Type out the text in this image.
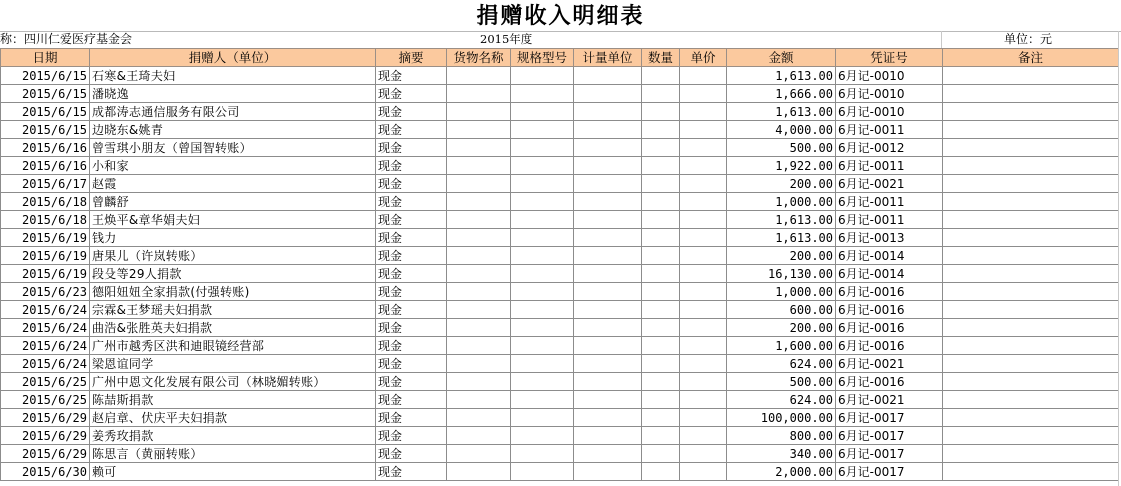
捐赠收入明细表
称：四川仁爱医疗基金会	2015年度	单位：元
日期	捐赠人（单位）	摘要	货物名称	规格型号	计量单位	数量	单价	金额	凭证号	备注
2015/6/15	石寒&王琦夫妇	现金						1,613.00	6月记-0010	
2015/6/15	潘晓逸	现金						1,666.00	6月记-0010	
2015/6/15	成都涛志通信服务有限公司	现金						1,613.00	6月记-0010	
2015/6/15	边晓东&姚青	现金						4,000.00	6月记-0011	
2015/6/16	曾雪琪小朋友（曾国智转账）	现金						500.00	6月记-0012	
2015/6/16	小和家	现金						1,922.00	6月记-0011	
2015/6/17	赵霞	现金						200.00	6月记-0021	
2015/6/18	曾麟舒	现金						1,000.00	6月记-0011	
2015/6/18	王焕平&章华娟夫妇	现金						1,613.00	6月记-0011	
2015/6/19	钱力	现金						1,613.00	6月记-0013	
2015/6/19	唐果儿（许岚转账）	现金						200.00	6月记-0014	
2015/6/19	段殳等29人捐款	现金						16,130.00	6月记-0014	
2015/6/23	德阳妞妞全家捐款(付强转账)	现金						1,000.00	6月记-0016	
2015/6/24	宗霖&王梦瑶夫妇捐款	现金						600.00	6月记-0016	
2015/6/24	曲浩&张胜英夫妇捐款	现金						200.00	6月记-0016	
2015/6/24	广州市越秀区洪和迪眼镜经营部	现金						1,600.00	6月记-0016	
2015/6/24	梁恩谊同学	现金						624.00	6月记-0021	
2015/6/25	广州中恩文化发展有限公司（林晓媚转账）	现金						500.00	6月记-0016	
2015/6/25	陈喆斯捐款	现金						624.00	6月记-0021	
2015/6/29	赵启章、伏庆平夫妇捐款	现金						100,000.00	6月记-0017	
2015/6/29	姜秀玫捐款	现金						800.00	6月记-0017	
2015/6/29	陈思言（黄丽转账）	现金						340.00	6月记-0017	
2015/6/30	赖可	现金						2,000.00	6月记-0017	
